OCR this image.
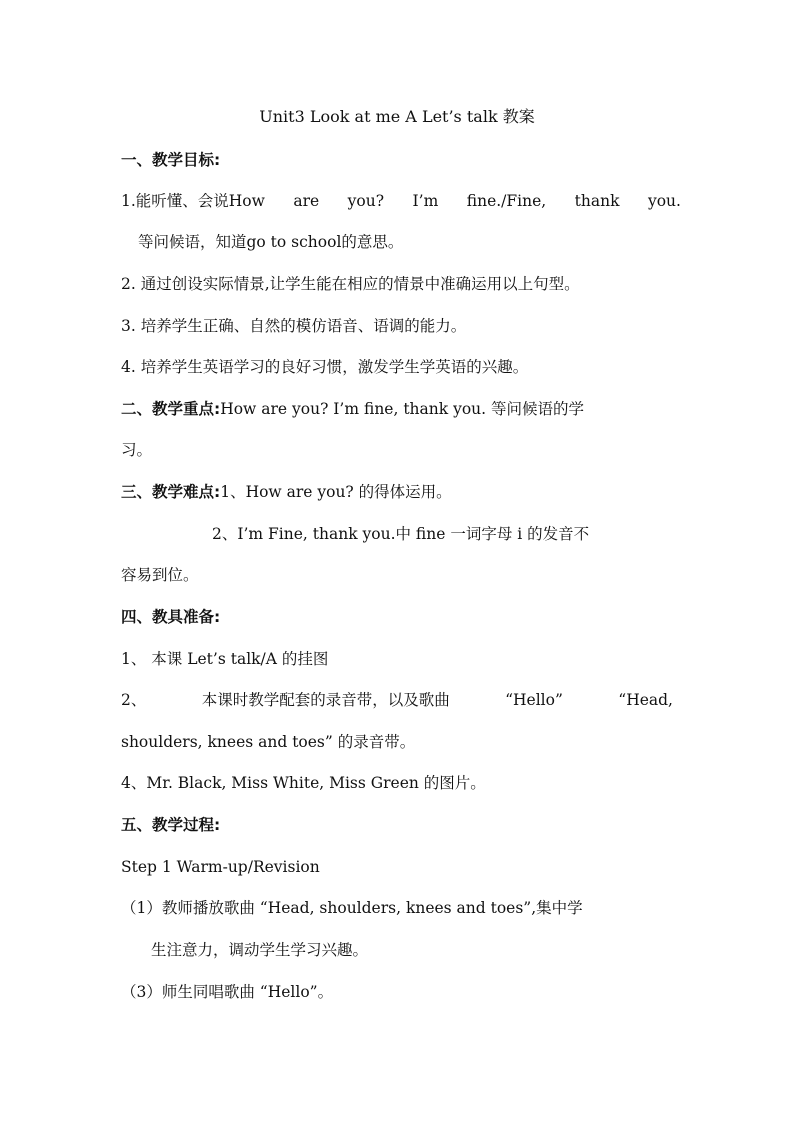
Unit3 Look at me A Let’s talk 教案
一、教学目标:
1.能听懂、会说How are you? I’m fine./Fine, thank you.
等问候语，知道go to school的意思。
2. 通过创设实际情景,让学生能在相应的情景中准确运用以上句型。
3. 培养学生正确、自然的模仿语音、语调的能力。
4. 培养学生英语学习的良好习惯，激发学生学英语的兴趣。
二、教学重点:How are you? I’m fine, thank you. 等问候语的学
习。
三、教学难点:1、How are you? 的得体运用。
2、I’m Fine, thank you.中 fine 一词字母 i 的发音不
容易到位。
四、教具准备:
1、 本课 Let’s talk/A 的挂图
2、	本课时教学配套的录音带，以及歌曲	“Hello”	“Head,
shoulders, knees and toes” 的录音带。
4、Mr. Black, Miss White, Miss Green 的图片。
五、教学过程:
Step 1 Warm-up/Revision
（1）教师播放歌曲 “Head, shoulders, knees and toes”,集中学
生注意力，调动学生学习兴趣。
（3）师生同唱歌曲 “Hello”。
